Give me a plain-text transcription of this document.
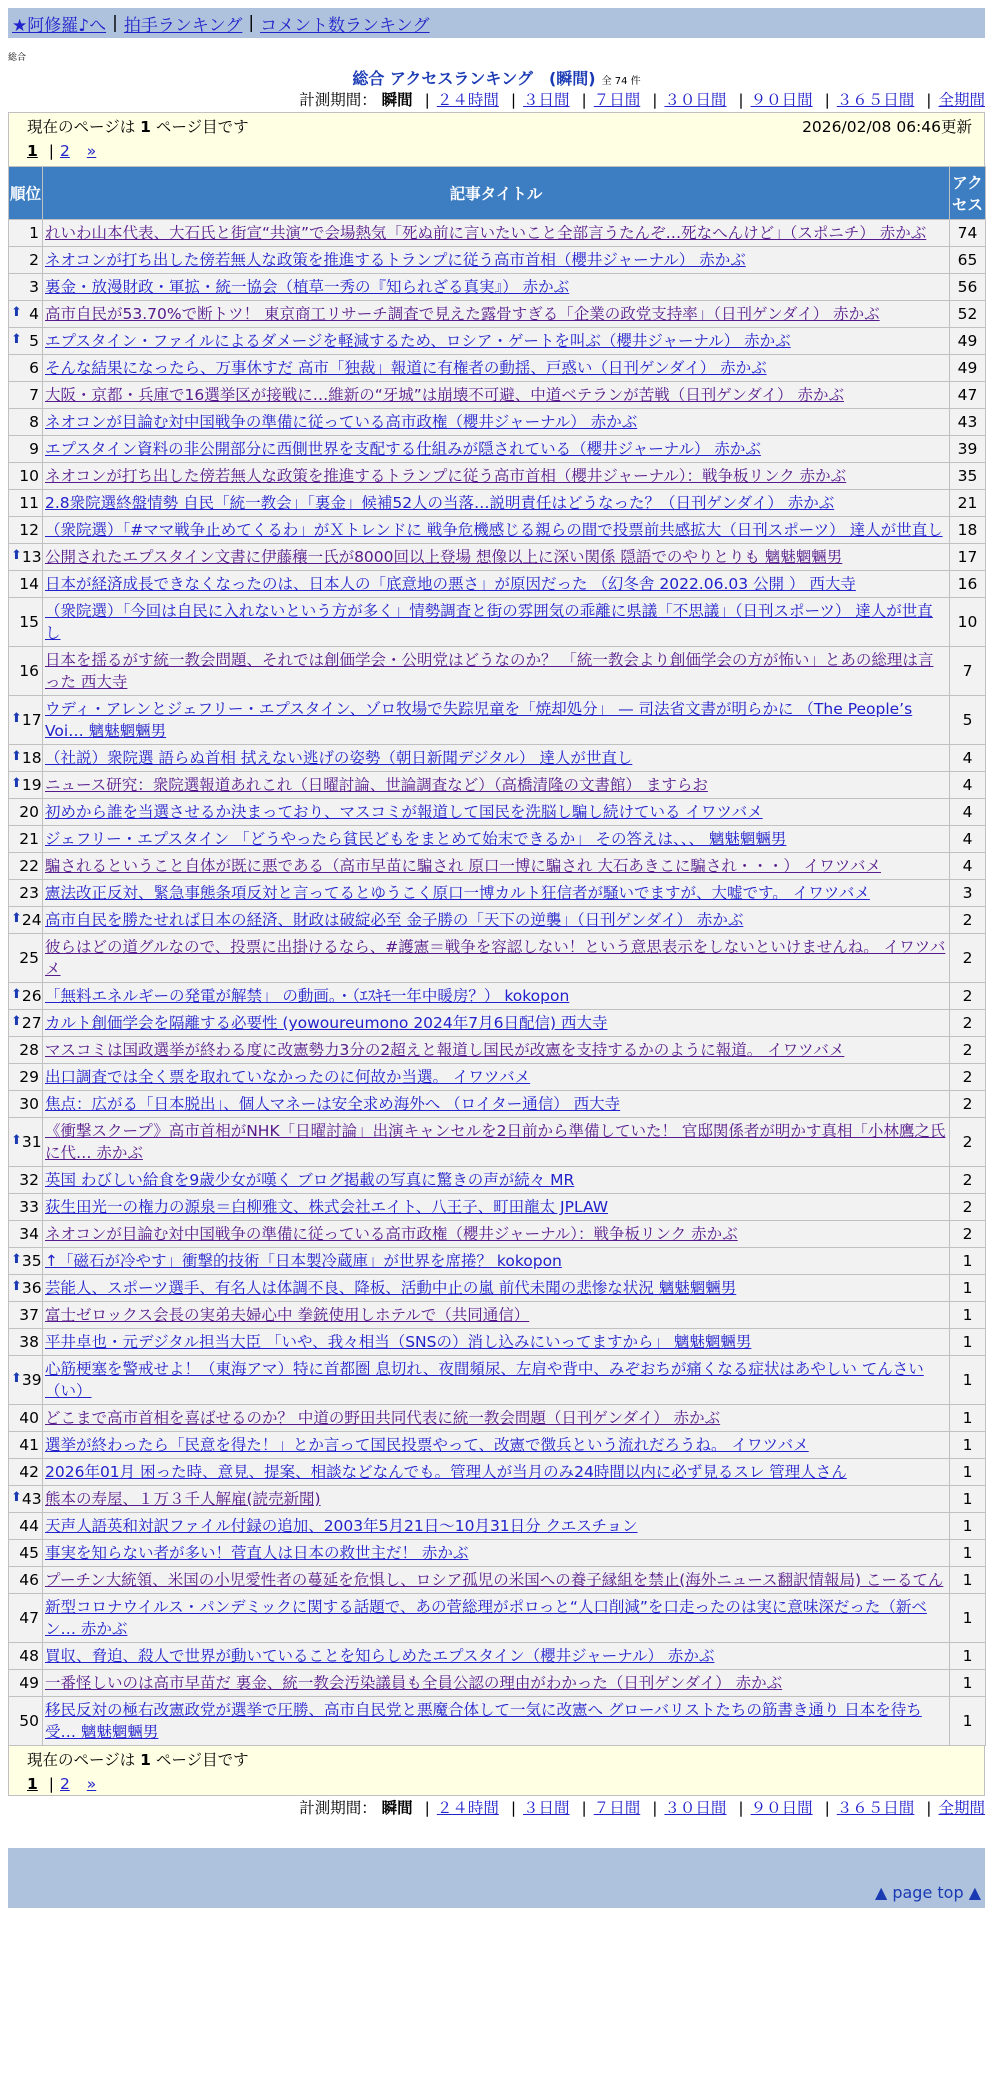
★阿修羅♪へ | 拍手ランキング | コメント数ランキング
総合
総合 アクセスランキング　(瞬間) 全 74 件
計測期間： 瞬間 | ２４時間 | ３日間 | ７日間 | ３０日間 | ９０日間 | ３６５日間 | 全期間
現在のページは 1 ページ目です	2026/02/08 06:46更新
1 | 2 »
順位	記事タイトル	アクセス
1	れいわ山本代表、大石氏と街宣“共演”で会場熱気「死ぬ前に言いたいこと全部言うたんぞ…死なへんけど」（スポニチ） 赤かぶ	74
2	ネオコンが打ち出した傍若無人な政策を推進するトランプに従う高市首相（櫻井ジャーナル） 赤かぶ	65
3	裏金・放漫財政・軍拡・統一協会（植草一秀の『知られざる真実』） 赤かぶ	56

⬆ 4	高市自民が53.70%で断トツ！ 東京商工リサーチ調査で見えた露骨すぎる「企業の政党支持率」（日刊ゲンダイ） 赤かぶ	52

⬆ 5	エプスタイン・ファイルによるダメージを軽減するため、ロシア・ゲートを叫ぶ（櫻井ジャーナル） 赤かぶ	49
6	そんな結果になったら、万事休すだ 高市「独裁」報道に有権者の動揺、戸惑い（日刊ゲンダイ） 赤かぶ	49
7	大阪・京都・兵庫で16選挙区が接戦に…維新の“牙城”は崩壊不可避、中道ベテランが苦戦（日刊ゲンダイ） 赤かぶ	47
8	ネオコンが目論む対中国戦争の準備に従っている高市政権（櫻井ジャーナル） 赤かぶ	43
9	エプスタイン資料の非公開部分に西側世界を支配する仕組みが隠されている（櫻井ジャーナル） 赤かぶ	39
10	ネオコンが打ち出した傍若無人な政策を推進するトランプに従う高市首相（櫻井ジャーナル）：戦争板リンク 赤かぶ	35
11	2.8衆院選終盤情勢 自民「統一教会」「裏金」候補52人の当落…説明責任はどうなった？（日刊ゲンダイ） 赤かぶ	21
12	（衆院選）「#ママ戦争止めてくるわ」がＸトレンドに 戦争危機感じる親らの間で投票前共感拡大（日刊スポーツ） 達人が世直し	18

⬆ 13	公開されたエプスタイン文書に伊藤穰一氏が8000回以上登場 想像以上に深い関係 隠語でのやりとりも 魑魅魍魎男	17
14	日本が経済成長できなくなったのは、日本人の「底意地の悪さ」が原因だった （幻冬舎 2022.06.03 公開 ） 西大寺	16
15	（衆院選）「今回は自民に入れないという方が多く」情勢調査と街の雰囲気の乖離に県議「不思議」（日刊スポーツ） 達人が世直し	10
16	日本を揺るがす統一教会問題、それでは創価学会・公明党はどうなのか？ 「統一教会より創価学会の方が怖い」とあの総理は言った 西大寺	7

⬆ 17	ウディ・アレンとジェフリー・エプスタイン、ゾロ牧場で失踪児童を「焼却処分」 — 司法省文書が明らかに （The People’s Voi… 魑魅魍魎男	5

⬆ 18	（社説）衆院選 語らぬ首相 拭えない逃げの姿勢（朝日新聞デジタル） 達人が世直し	4

⬆ 19	ニュース研究：衆院選報道あれこれ（日曜討論、世論調査など）（高橋清隆の文書館） ますらお	4
20	初めから誰を当選させるか決まっており、マスコミが報道して国民を洗脳し騙し続けている イワツバメ	4
21	ジェフリー・エプスタイン 「どうやったら貧民どもをまとめて始末できるか」 その答えは、、、 魑魅魍魎男	4
22	騙されるということ自体が既に悪である（高市早苗に騙され 原口一博に騙され 大石あきこに騙され・・・） イワツバメ	4
23	憲法改正反対、緊急事態条項反対と言ってるとゆうこく原口一博カルト狂信者が騒いでますが、大嘘です。 イワツバメ	3

⬆ 24	高市自民を勝たせれば日本の経済、財政は破綻必至 金子勝の「天下の逆襲」（日刊ゲンダイ） 赤かぶ	2
25	彼らはどの道グルなので、投票に出掛けるなら、#護憲＝戦争を容認しない！という意思表示をしないといけませんね。 イワツバメ	2

⬆ 26	「無料エネルギーの発電が解禁」 の動画。・（ｴｽｷﾓ一年中暖房？） kokopon	2

⬆ 27	カルト創価学会を隔離する必要性 (yowoureumono 2024年7月6日配信) 西大寺	2
28	マスコミは国政選挙が終わる度に改憲勢力3分の2超えと報道し国民が改憲を支持するかのように報道。 イワツバメ	2
29	出口調査では全く票を取れていなかったのに何故か当選。 イワツバメ	2
30	焦点：広がる「日本脱出」、個人マネーは安全求め海外へ （ロイター通信） 西大寺	2

⬆ 31	《衝撃スクープ》高市首相がNHK「日曜討論」出演キャンセルを2日前から準備していた！ 官邸関係者が明かす真相「小林鷹之氏に代… 赤かぶ	2
32	英国 わびしい給食を9歳少女が嘆く ブログ掲載の写真に驚きの声が続々 MR	2
33	荻生田光一の権力の源泉＝白柳雅文、株式会社エイト、八王子、町田龍太 JPLAW	2
34	ネオコンが目論む対中国戦争の準備に従っている高市政権（櫻井ジャーナル）：戦争板リンク 赤かぶ	2

⬆ 35	↑「磁石が冷やす」衝撃的技術「日本製冷蔵庫」が世界を席捲？ kokopon	1

⬆ 36	芸能人、スポーツ選手、有名人は体調不良、降板、活動中止の嵐 前代未聞の悲惨な状況 魑魅魍魎男	1
37	富士ゼロックス会長の実弟夫婦心中 拳銃使用しホテルで（共同通信）	1
38	平井卓也・元デジタル担当大臣 「いや、我々相当（SNSの）消し込みにいってますから」 魑魅魍魎男	1

⬆ 39	心筋梗塞を警戒せよ！（東海アマ）特に首都圏 息切れ、夜間頻尿、左肩や背中、みぞおちが痛くなる症状はあやしい てんさい（い）	1
40	どこまで高市首相を喜ばせるのか？ 中道の野田共同代表に統一教会問題（日刊ゲンダイ） 赤かぶ	1
41	選挙が終わったら「民意を得た！」とか言って国民投票やって、改憲で徴兵という流れだろうね。 イワツバメ	1
42	2026年01月 困った時、意見、提案、相談などなんでも。管理人が当月のみ24時間以内に必ず見るスレ 管理人さん	1

⬆ 43	熊本の寿屋、１万３千人解雇(読売新聞)	1
44	天声人語英和対訳ファイル付録の追加、2003年5月21日～10月31日分 クエスチョン	1
45	事実を知らない者が多い！菅直人は日本の救世主だ！ 赤かぶ	1
46	プーチン大統領、米国の小児愛性者の蔓延を危惧し、ロシア孤児の米国への養子縁組を禁止(海外ニュース翻訳情報局) こーるてん	1
47	新型コロナウイルス・パンデミックに関する話題で、あの菅総理がポロっと“人口削減”を口走ったのは実に意味深だった（新ベン… 赤かぶ	1
48	買収、脅迫、殺人で世界が動いていることを知らしめたエプスタイン（櫻井ジャーナル） 赤かぶ	1
49	一番怪しいのは高市早苗だ 裏金、統一教会汚染議員も全員公認の理由がわかった（日刊ゲンダイ） 赤かぶ	1
50	移民反対の極右改憲政党が選挙で圧勝、高市自民党と悪魔合体して一気に改憲へ グローバリストたちの筋書き通り 日本を待ち受… 魑魅魍魎男	1
現在のページは 1 ページ目です
1 | 2 »
計測期間： 瞬間 | ２４時間 | ３日間 | ７日間 | ３０日間 | ９０日間 | ３６５日間 | 全期間
▲ page top ▲
